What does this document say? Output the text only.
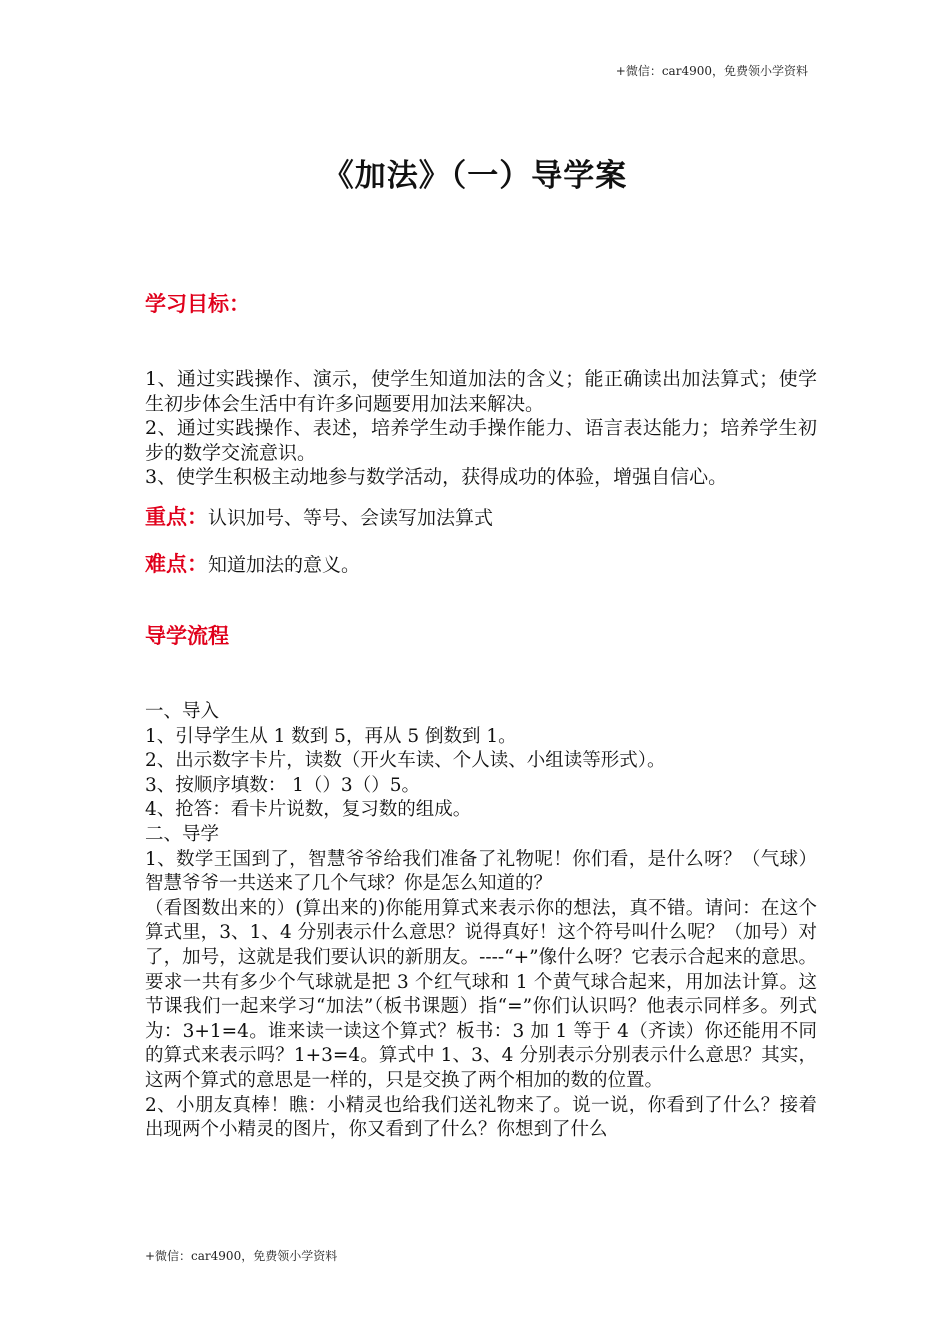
+微信：car4900，免费领小学资料
《加法》（一）导学案
学习目标：

1、通过实践操作、演示，使学生知道加法的含义；能正确读出加法算式；使学生初步体会生活中有许多问题要用加法来解决。

2、通过实践操作、表述，培养学生动手操作能力、语言表达能力；培养学生初步的数学交流意识。

3、使学生积极主动地参与数学活动，获得成功的体验，增强自信心。

重点：认识加号、等号、会读写加法算式
难点：知道加法的意义。
导学流程

一、导入

1、引导学生从 1 数到 5，再从 5 倒数到 1。

2、出示数字卡片，读数（开火车读、个人读、小组读等形式）。

3、按顺序填数： 1（）3（）5。

4、抢答：看卡片说数，复习数的组成。

二、导学

1、数学王国到了，智慧爷爷给我们准备了礼物呢！你们看，是什么呀？（气球）智慧爷爷一共送来了几个气球？你是怎么知道的？

（看图数出来的）(算出来的)你能用算式来表示你的想法，真不错。请问：在这个算式里，3、1、4 分别表示什么意思？说得真好！这个符号叫什么呢？（加号）对了，加号，这就是我们要认识的新朋友。----“+”像什么呀？它表示合起来的意思。要求一共有多少个气球就是把 3 个红气球和 1 个黄气球合起来，用加法计算。这节课我们一起来学习“加法”（板书课题）指“=”你们认识吗？他表示同样多。列式为：3+1=4。谁来读一读这个算式？板书：3 加 1 等于 4（齐读）你还能用不同的算式来表示吗？1+3=4。算式中 1、3、4 分别表示分别表示什么意思？其实，这两个算式的意思是一样的，只是交换了两个相加的数的位置。

2、小朋友真棒！瞧：小精灵也给我们送礼物来了。说一说，你看到了什么？接着出现两个小精灵的图片，你又看到了什么？你想到了什么

+微信：car4900，免费领小学资料
